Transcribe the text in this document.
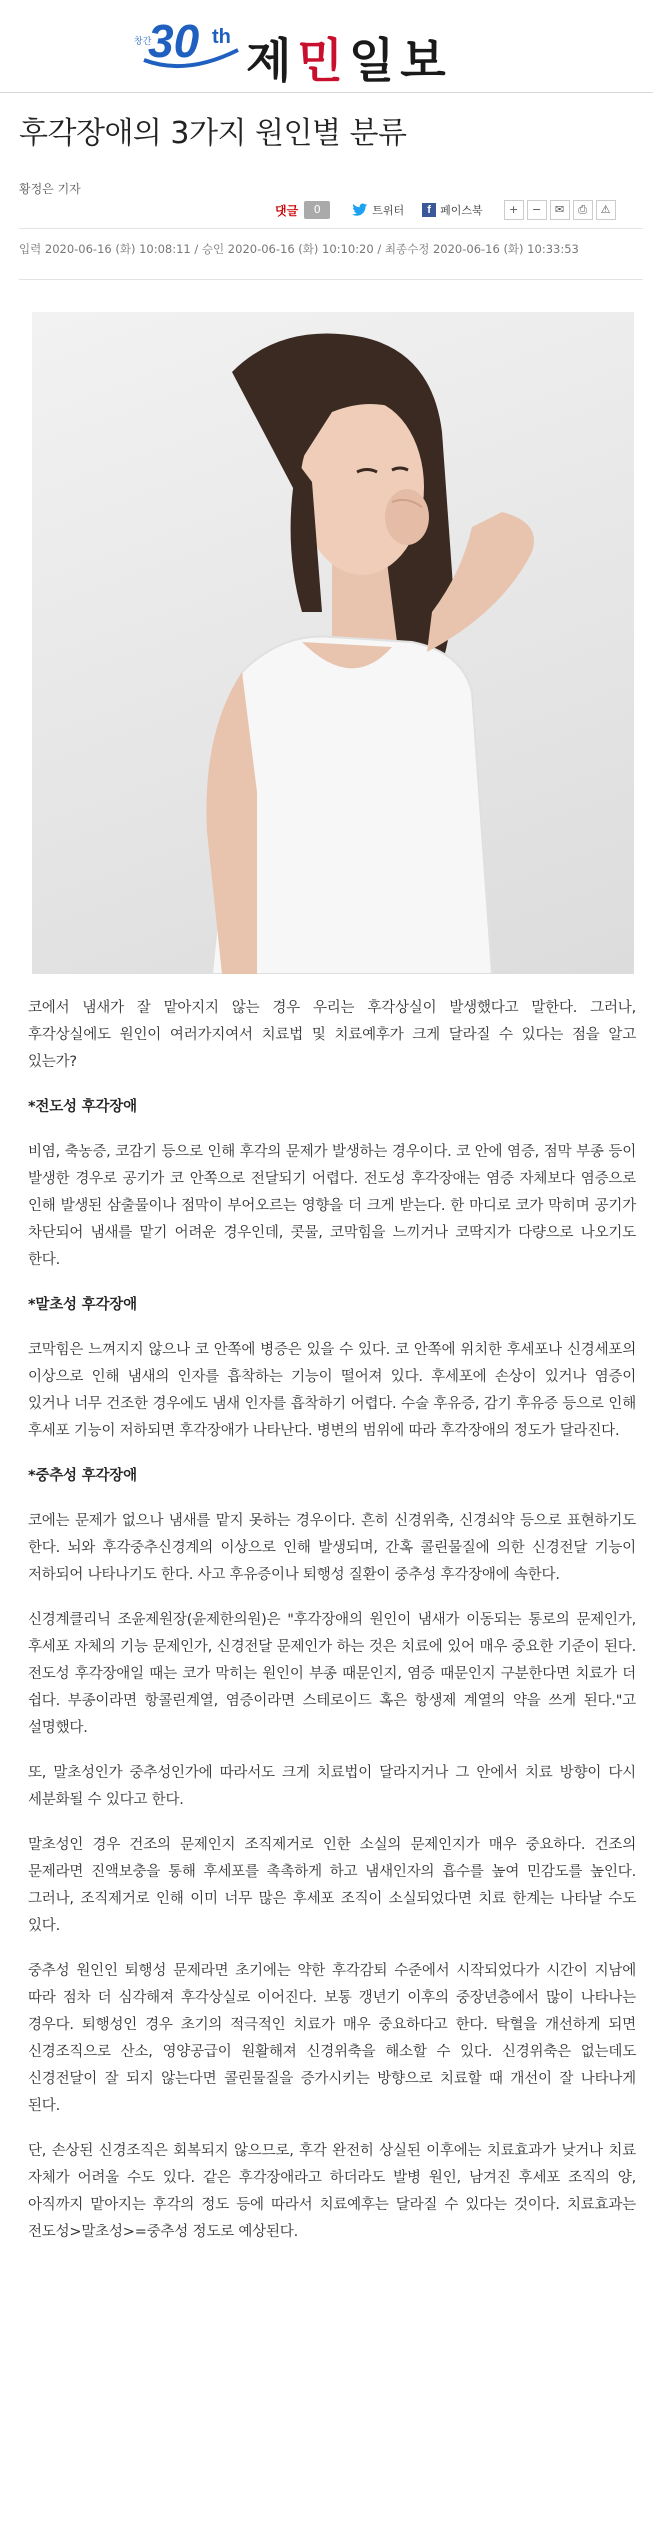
창간
30 th 제민일보
후각장애의 3가지 원인별 분류
황정은 기자
댓글	0	트위터	f 페이스북	+	−	✉	⎙	⚠
입력 2020-06-16 (화) 10:08:11 / 승인 2020-06-16 (화) 10:10:20 / 최종수정 2020-06-16 (화) 10:33:53

코에서 냄새가 잘 맡아지지 않는 경우 우리는 후각상실이 발생했다고 말한다. 그러나, 후각상실에도 원인이 여러가지여서 치료법 및 치료예후가 크게 달라질 수 있다는 점을 알고 있는가?

*전도성 후각장애

비염, 축농증, 코감기 등으로 인해 후각의 문제가 발생하는 경우이다. 코 안에 염증, 점막 부종 등이 발생한 경우로 공기가 코 안쪽으로 전달되기 어렵다. 전도성 후각장애는 염증 자체보다 염증으로 인해 발생된 삼출물이나 점막이 부어오르는 영향을 더 크게 받는다. 한 마디로 코가 막히며 공기가 차단되어 냄새를 맡기 어려운 경우인데, 콧물, 코막힘을 느끼거나 코딱지가 다량으로 나오기도 한다.

*말초성 후각장애

코막힘은 느껴지지 않으나 코 안쪽에 병증은 있을 수 있다. 코 안쪽에 위치한 후세포나 신경세포의 이상으로 인해 냄새의 인자를 흡착하는 기능이 떨어져 있다. 후세포에 손상이 있거나 염증이 있거나 너무 건조한 경우에도 냄새 인자를 흡착하기 어렵다. 수술 후유증, 감기 후유증 등으로 인해 후세포 기능이 저하되면 후각장애가 나타난다. 병변의 범위에 따라 후각장애의 정도가 달라진다.

*중추성 후각장애

코에는 문제가 없으나 냄새를 맡지 못하는 경우이다. 흔히 신경위축, 신경쇠약 등으로 표현하기도 한다. 뇌와 후각중추신경계의 이상으로 인해 발생되며, 간혹 콜린물질에 의한 신경전달 기능이 저하되어 나타나기도 한다. 사고 후유증이나 퇴행성 질환이 중추성 후각장애에 속한다.

신경계클리닉 조윤제원장(윤제한의원)은 "후각장애의 원인이 냄새가 이동되는 통로의 문제인가, 후세포 자체의 기능 문제인가, 신경전달 문제인가 하는 것은 치료에 있어 매우 중요한 기준이 된다. 전도성 후각장애일 때는 코가 막히는 원인이 부종 때문인지, 염증 때문인지 구분한다면 치료가 더 쉽다. 부종이라면 항콜린계열, 염증이라면 스테로이드 혹은 항생제 계열의 약을 쓰게 된다."고 설명했다.

또, 말초성인가 중추성인가에 따라서도 크게 치료법이 달라지거나 그 안에서 치료 방향이 다시 세분화될 수 있다고 한다.

말초성인 경우 건조의 문제인지 조직제거로 인한 소실의 문제인지가 매우 중요하다. 건조의 문제라면 진액보충을 통해 후세포를 촉촉하게 하고 냄새인자의 흡수를 높여 민감도를 높인다. 그러나, 조직제거로 인해 이미 너무 많은 후세포 조직이 소실되었다면 치료 한계는 나타날 수도 있다.

중추성 원인인 퇴행성 문제라면 초기에는 약한 후각감퇴 수준에서 시작되었다가 시간이 지남에 따라 점차 더 심각해져 후각상실로 이어진다. 보통 갱년기 이후의 중장년층에서 많이 나타나는 경우다. 퇴행성인 경우 초기의 적극적인 치료가 매우 중요하다고 한다. 탁혈을 개선하게 되면 신경조직으로 산소, 영양공급이 원활해져 신경위축을 해소할 수 있다. 신경위축은 없는데도 신경전달이 잘 되지 않는다면 콜린물질을 증가시키는 방향으로 치료할 때 개선이 잘 나타나게 된다.

단, 손상된 신경조직은 회복되지 않으므로, 후각 완전히 상실된 이후에는 치료효과가 낮거나 치료 자체가 어려울 수도 있다. 같은 후각장애라고 하더라도 발병 원인, 남겨진 후세포 조직의 양, 아직까지 맡아지는 후각의 정도 등에 따라서 치료예후는 달라질 수 있다는 것이다. 치료효과는 전도성>말초성>=중추성 정도로 예상된다.
